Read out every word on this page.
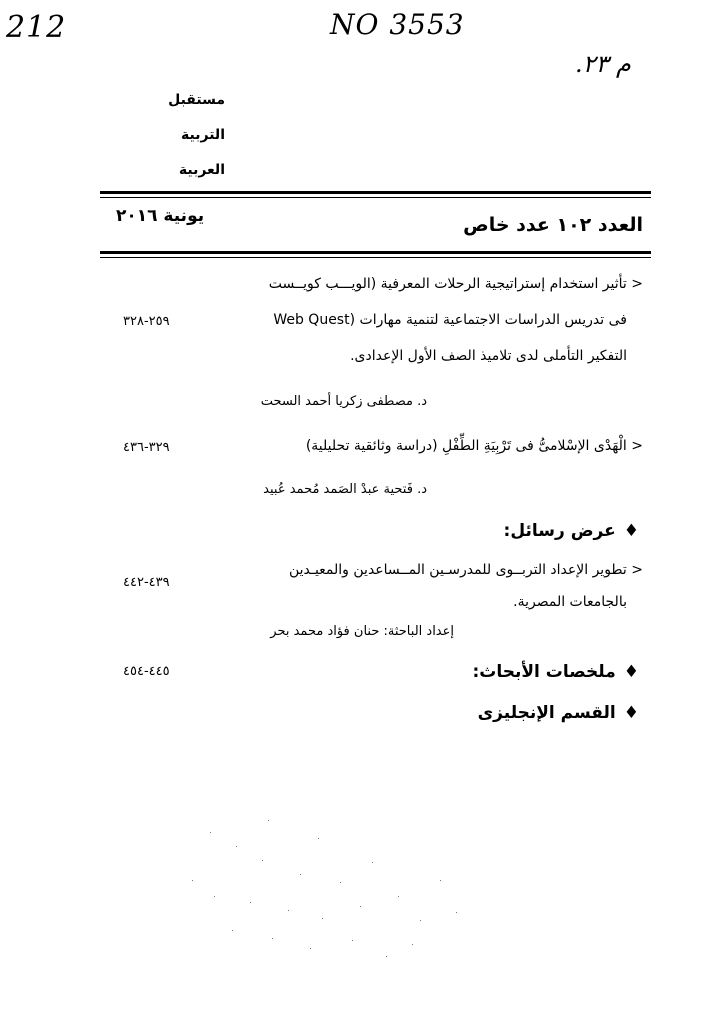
212	NO 3553
م ٢٣.
مستقبل
التربية
العربية
العدد ١٠٢ عدد خاص
يونية ٢٠١٦
< تأثير استخدام إستراتيجية الرحلات المعرفية (الويـــب كويــست
Web Quest) فى تدريس الدراسات الاجتماعية لتنمية مهارات
التفكير التأملى لدى تلاميذ الصف الأول الإعدادى.
٢٥٩-٣٢٨
د. مصطفى زكريا أحمد السحت
< الْهَدْى الإسْلامىُّ فى تَرْبِيَةِ الطِّفْلِ (دراسة وثائقية تحليلية)
٣٢٩-٤٣٦
د. فَتحية عبدْ الصَمد مُحمد عُبيد
♦عرض رسائل:
< تطوير الإعداد التربــوى للمدرسـين المــساعدين والمعيـدين
بالجامعات المصرية.
٤٣٩-٤٤٢
إعداد الباحثة: حنان فؤاد محمد بحر
♦ملخصات الأبحاث:
٤٤٥-٤٥٤
♦القسم الإنجليزى
